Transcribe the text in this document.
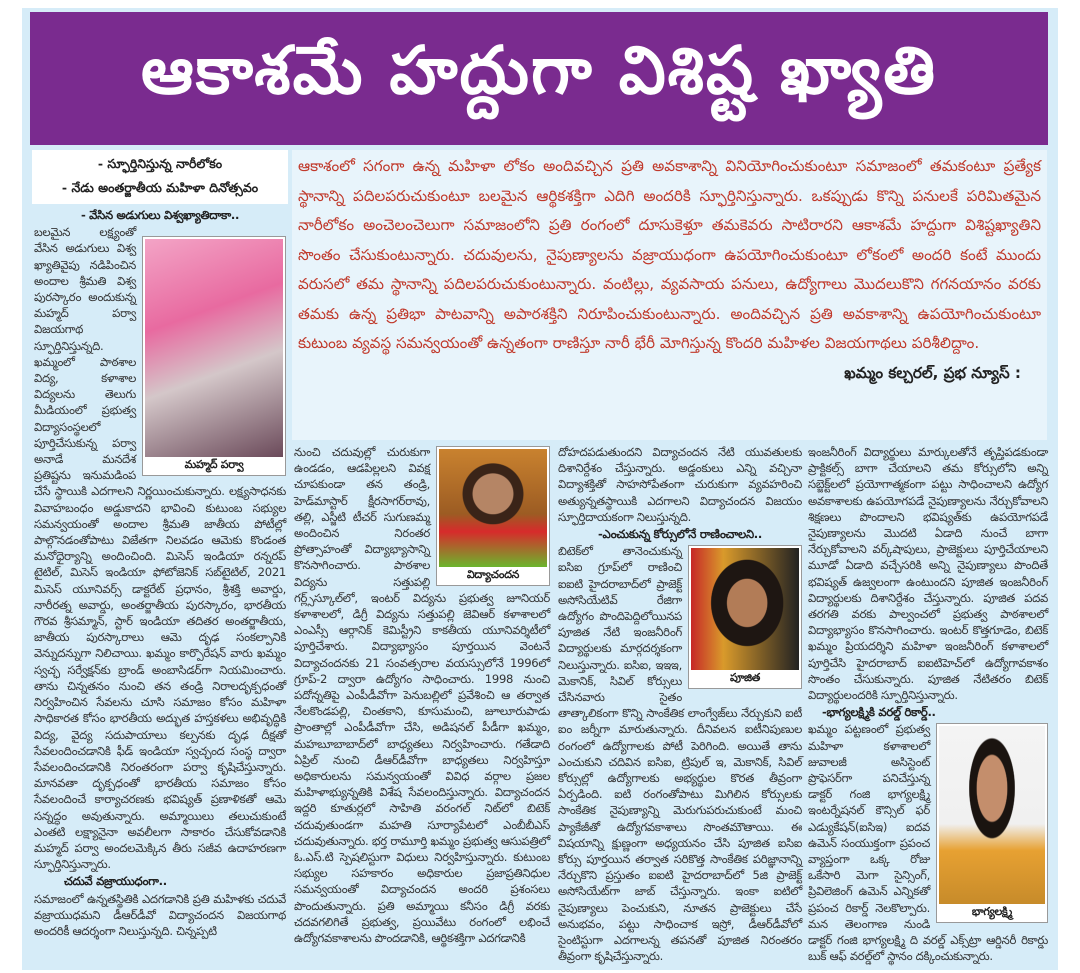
ఆకాశమే హద్దుగా విశిష్ట ఖ్యాతి
- స్ఫూర్తినిస్తున్న నారీలోకం
- నేడు అంతర్జాతీయ మహిళా దినోత్సవం
ఆకాశంలో సగంగా ఉన్న మహిళా లోకం అందివచ్చిన ప్రతి అవకాశాన్ని వినియోగించుకుంటూ సమాజంలో తమకంటూ ప్రత్యేక స్థానాన్ని పదిలపరుచుకుంటూ బలమైన ఆర్థికశక్తిగా ఎదిగి అందరికి స్ఫూర్తినిస్తున్నారు. ఒకప్పుడు కొన్ని పనులకే పరిమితమైన నారీలోకం అంచెలంచెలుగా సమాజంలోని ప్రతి రంగంలో దూసుకెళ్తూ తమకెవరు సాటిరారని ఆకాశమే హద్దుగా విశిష్టఖ్యాతిని సొంతం చేసుకుంటున్నారు. చదువులను, నైపుణ్యాలను వజ్రాయుధంగా ఉపయోగించుకుంటూ లోకంలో అందరి కంటే ముందు వరుసలో తమ స్థానాన్ని పదిలపరుచుకుంటున్నారు. వంటిల్లు, వ్యవసాయ పనులు, ఉద్యోగాలు మొదలుకొని గగనయానం వరకు తమకు ఉన్న ప్రతిభా పాటవాన్ని అపారశక్తిని నిరూపించుకుంటున్నారు. అందివచ్చిన ప్రతి అవకాశాన్ని ఉపయోగించుకుంటూ కుటుంబ వ్యవస్థ సమన్వయంతో ఉన్నతంగా రాణిస్తూ నారీ భేరీ మోగిస్తున్న కొందరి మహిళల విజయగాథలు పరిశీలిద్దాం.
ఖమ్మం కల్చరల్, ప్రభ న్యూస్ :
- వేసిన అడుగులు విశ్వఖ్యాతిదాకా..
మహ్మద్ పర్వా
బలమైన లక్ష్యంతో వేసిన అడుగులు విశ్వ ఖ్యాతివైపు నడిపించిన అందాల శ్రీమతి విశ్వ పురస్కారం అందుకున్న మహ్మద్ పర్వా విజయగాథ స్ఫూర్తినిస్తున్నది. ఖమ్మంలో పాఠశాల విద్య, కళాశాల విద్యలను తెలుగు మీడియంలో ప్రభుత్వ విద్యాసంస్థలలో పూర్తిచేసుకున్న పర్వా అనాడే మనదేశ ప్రతిష్టను ఇనుమడింప చేసే స్థాయికి ఎదగాలని నిర్ణయించుకున్నారు. లక్ష్యసాధనకు వివాహబంధం అడ్డుకాదని భావించి కుటుంబ సభ్యుల సమన్వయంతో అందాల శ్రీమతి జాతీయ పోటీల్లో పాల్గొనడంతోపాటు విజేతగా నిలవడం ఆమెకు కొండంత మనోధైర్యాన్ని అందించింది. మిసెస్ ఇండియా రన్నరప్ టైటిల్, మిసెస్ ఇండియా ఫోటోజెనిక్ సబ్‌టైటిల్, 2021 మిసెస్ యూనివర్స్ డాక్టరేట్ ప్రధానం, శ్రీశక్తి అవార్డు, నారీరత్న అవార్డు, అంతర్జాతీయ పురస్కారం, భారతీయ గౌరవ శ్రీసమ్మాన్, స్టార్ ఇండియా తదితర అంతర్జాతీయ, జాతీయ పురస్కారాలు ఆమె దృఢ సంకల్పానికి వెన్నుదన్నుగా నిలిచాయి. ఖమ్మం కార్పొరేషన్ వారు ఖమ్మం స్వచ్ఛ సర్వేక్షన్‌కు బ్రాండ్ అంబాసిడర్‌గా నియమించారు. తాను చిన్నతనం నుంచి తన తండ్రి నిరాలదృక్పధంతో నిర్వహించిన సేవలను చూసి సమాజం కోసం మహిళా సాధికారత కోసం భారతీయ అద్భుత హస్తకళలు అభివృద్ధికి విద్య, వైద్య సదుపాయాలు కల్పనకు దృఢ దీక్షతో సేవలందించడానికి ఫీడ్ ఇండియా స్వచ్ఛంద సంస్థ ద్వారా సేవలందించడానికి నిరంతరంగా పర్వా కృషిచేస్తున్నారు. మానవతా దృక్పధంతో భారతీయ సమాజం కోసం సేవలందించే కార్యాచరణకు భవిష్యత్ ప్రణాళికతో ఆమె సన్నద్ధం అవుతున్నారు. అమ్మాయిలు తలుచుకుంటే ఎంతటి లక్ష్యానైనా అవలీలగా సాకారం చేసుకోవడానికి మహ్మద్ పర్వా అందలమెక్కిన తీరు సజీవ ఉదాహరణగా స్ఫూర్తినిస్తున్నారు.
చదువే వజ్రాయుధంగా..
సమాజంలో ఉన్నతస్థితికి ఎదగడానికి ప్రతి మహిళకు చదువే వజ్రాయుధమని డీఆర్‌డీవో విద్యాచందన విజయగాథ అందరికీ ఆదర్శంగా నిలుస్తున్నది. చిన్నప్పటి
విద్యాచందన
నుంచి చదువుల్లో చురుకుగా ఉండడం, ఆడపిల్లలని వివక్ష చూపకుండా తన తండ్రి, హెడ్‌మాస్టార్ క్షీరసాగర్‌రావు, తల్లి, ఎస్జీటి టీచర్ సుగుణమ్మ అందించిన నిరంతర ప్రోత్సాహంతో విద్యాభ్యాసాన్ని కొనసాగించారు. పాఠశాల విద్యను సత్తుపల్లి గర్ల్స్‌స్కూల్‌లో, ఇంటర్ విద్యను ప్రభుత్వ జూనియర్ కళాశాలలో, డిగ్రీ విద్యను సత్తుపల్లి జెవిఆర్ కళాశాలలో ఎంఎస్సీ ఆర్గానిక్ కెమిస్ట్రీని కాకతీయ యూనివర్శిటీలో పూర్తిచేశారు. విద్యాభ్యాసం పూర్తయిన వెంటనే విద్యాచందనకు 21 సంవత్సరాల వయస్సులోనే 1996లో గ్రూప్-2 ద్వారా ఉద్యోగం సాధించారు. 1998 నుంచి పదోన్నతిపై ఎంపీడీవోగా పెనుబల్లిలో ప్రవేశించి ఆ తర్వాత నేలకొండపల్లి, చింతకాని, కూసుమంచి, జూలూరుపాడు ప్రాంతాల్లో ఎంపీడీవోగా చేసి, అడిషనల్ పీడీగా ఖమ్మం, మహబూబాబాద్‌లో బాధ్యతలు నిర్వహించారు. గతేడాది ఏప్రిల్ నుంచి డీఆర్‌డీవోగా బాధ్యతలు నిర్వహిస్తూ అధికారులను సమన్వయంతో వివిధ వర్గాల ప్రజల మహిళాభ్యున్నతికి విశేష సేవలందిస్తున్నారు. విద్యాచందన ఇద్దరి కూతుర్లలో సాహితి వరంగల్ నిట్‌లో బిటెక్ చదువుతుండగా మహతి సూర్యాపేటలో ఎంబీబీఎస్ చదువుతున్నారు. భర్త రామూర్తి ఖమ్మం ప్రభుత్వ ఆసుపత్రిలో ఓ.ఎస్.టి స్పెషలిస్టుగా విధులు నిర్వహిస్తున్నారు. కుటుంబ సభ్యుల సహకారం అధికారుల ప్రజాప్రతినిధుల సమన్వయంతో విద్యాచందన అందరి ప్రశంసలు పొందుతున్నారు. ప్రతి అమ్మాయి కనీసం డిగ్రీ వరకు చదవగలిగితే ప్రభుత్వ, ప్రయివేటు రంగంలో లభించే ఉద్యోగవకాశాలను పొందడానికి, ఆర్థికశక్తిగా ఎదగడానికి
దోహదపడుతుందని విద్యాచందన నేటి యువతులకు దిశానిర్దేశం చేస్తున్నారు. అడ్డంకులు ఎన్ని వచ్చినా విద్యాశక్తితో సాహసోపేతంగా చురుకుగా వ్యవహరించి అత్యున్నతస్థాయికి ఎదగాలని విద్యాచందన విజయం స్ఫూర్తిదాయకంగా నిలుస్తున్నది.
-ఎంచుకున్న కోర్సులోనే రాణించాలని..
పూజిత
బిటెక్‌లో తానెంచుకున్న ఐసిఐ గ్రూప్‌లో రాణించి ఐఐటి హైదరాబాద్‌లో ప్రాజెక్ట్ అసోసియేటివ్ రేజిగా ఉద్యోగం పొందిపెద్దిలోయినప పూజిత నేటి ఇంజనీరింగ్ విద్యార్థులకు మార్గదర్శకంగా నిలుస్తున్నారు. ఐసిఐ, ఇఇఇ, మెకానిక్, సివిల్ కోర్సులు చేసినవారు సైతం తాత్కాలికంగా కొన్ని సాంకేతిక లాంగ్వేజ్‌లు నేర్చుకుని ఐటీ ఐం జర్నీగా మారుతున్నారు. దీనివలన ఐటీనిపుణుల రంగంలో ఉద్యోగాలకు పోటీ పెరిగింది. అయితే తాను ఎంచుకుని చదివిన ఐసిఐ, ట్రిపుల్ ఇ, మెకానిక్, సివిల్ కోర్సుల్లో ఉద్యోగాలకు అభ్యర్థుల కొరత తీవ్రంగా ఏర్పడింది. ఐటి రంగంతోపాటు మిగిలిన కోర్సులకు సాంకేతిక నైపుణ్యాన్ని మెరుగుపరుచుకుంటే మంచి ప్యాకేజీతో ఉద్యోగవకాశాలు సొంతమౌతాయి. ఈ విషయాన్ని క్షుణ్ణంగా అధ్యయనం చేసి పూజిత ఐసిఐ కోర్సు పూర్తయిన తర్వాత సరికొత్త సాంకేతిక పరిజ్ఞానాన్ని నేర్చుకొని ప్రస్తుతం ఐఐటి హైదరాబాద్‌లో 5జి ప్రాజెక్ట్ అసోసియేట్‌గా జాబ్ చేస్తున్నారు. ఇంకా ఐటిలో నైపుణ్యాలు పెంచుకుని, నూతన ప్రాజెక్టులు చేసే అనుభవం, పట్టు సాధించాక ఇస్రో, డీఆర్‌డీవోలో సైంటిస్టుగా ఎదగాలన్న తపనతో పూజిత నిరంతరం తీవ్రంగా కృషిచేస్తున్నారు.
ఇంజనీరింగ్ విద్యార్థులు మార్కులతోనే తృప్తిపడకుండా ప్రాక్టికల్స్ బాగా చేయాలని తమ కోర్సులోని అన్ని సబ్జెక్ట్‌లలో ప్రయోగాత్మకంగా పట్టు సాధించాలని ఉద్యోగ అవకాశాలకు ఉపయోగపడే నైపుణ్యాలను నేర్చుకోవాలని శిక్షణలు పొందాలని భవిష్యత్‌కు ఉపయోగపడే నైపుణ్యాలను మొదటి ఏడాది నుంచే బాగా నేర్చుకోవాలని వర్క్‌షాపులు, ప్రాజెక్టులు పూర్తిచేయాలని మూడో ఏడాది వచ్చేసరికి అన్ని నైపుణ్యాలు పొందితే భవిష్యత్ ఉజ్వలంగా ఉంటుందని పూజిత ఇంజనీరింగ్ విద్యార్థులకు దిశానిర్దేశం చేస్తున్నారు. పూజిత పదవ తరగతి వరకు పాల్వంచలో ప్రభుత్వ పాఠశాలలో విద్యాభ్యాసం కొనసాగించారు. ఇంటర్ కొత్తగూడెం, బిటెక్ ఖమ్మం ప్రియదర్శిని మహిళా ఇంజనీరింగ్ కళాశాలలో పూర్తిచేసి హైదరాబాద్ ఐఐటిహెచ్‌లో ఉద్యోగావకాశం సొంతం చేసుకున్నారు. పూజిత నేటితరం బిటెక్ విద్యార్థులందరికి స్ఫూర్తినిస్తున్నారు.
-భాగ్యలక్ష్మికి వరల్డ్ రికార్డ్..
భాగ్యలక్ష్మి
ఖమ్మం పట్టణంలో ప్రభుత్వ మహిళా కళాశాలలో జువాలజీ అసిస్టెంట్ ప్రొఫెసర్‌గా పనిచేస్తున్న డాక్టర్ గంజి భాగ్యలక్ష్మి ఇంటర్నేషనల్ కౌన్సిల్ ఫర్ ఎడ్యుకేషన్(ఐసిఇ) ఐదవ ఉమెన్ సంయుక్తంగా ప్రపంచ వ్యాప్తంగా ఒక్క రోజు ఒకేసారి మెగా సైన్సింగ్, ప్రివిలెజింగ్ ఉమెన్ ఎన్నికతో ప్రపంచ రికార్డ్ నెలకొల్పారు. మన తెలంగాణ నుండి డాక్టర్ గంజి భాగ్యలక్ష్మి ది వరల్డ్ ఎక్స్‌ట్రా ఆర్డినరీ రికార్డు బుక్ ఆఫ్ వరల్డ్‌లో స్థానం దక్కించుకున్నారు.
